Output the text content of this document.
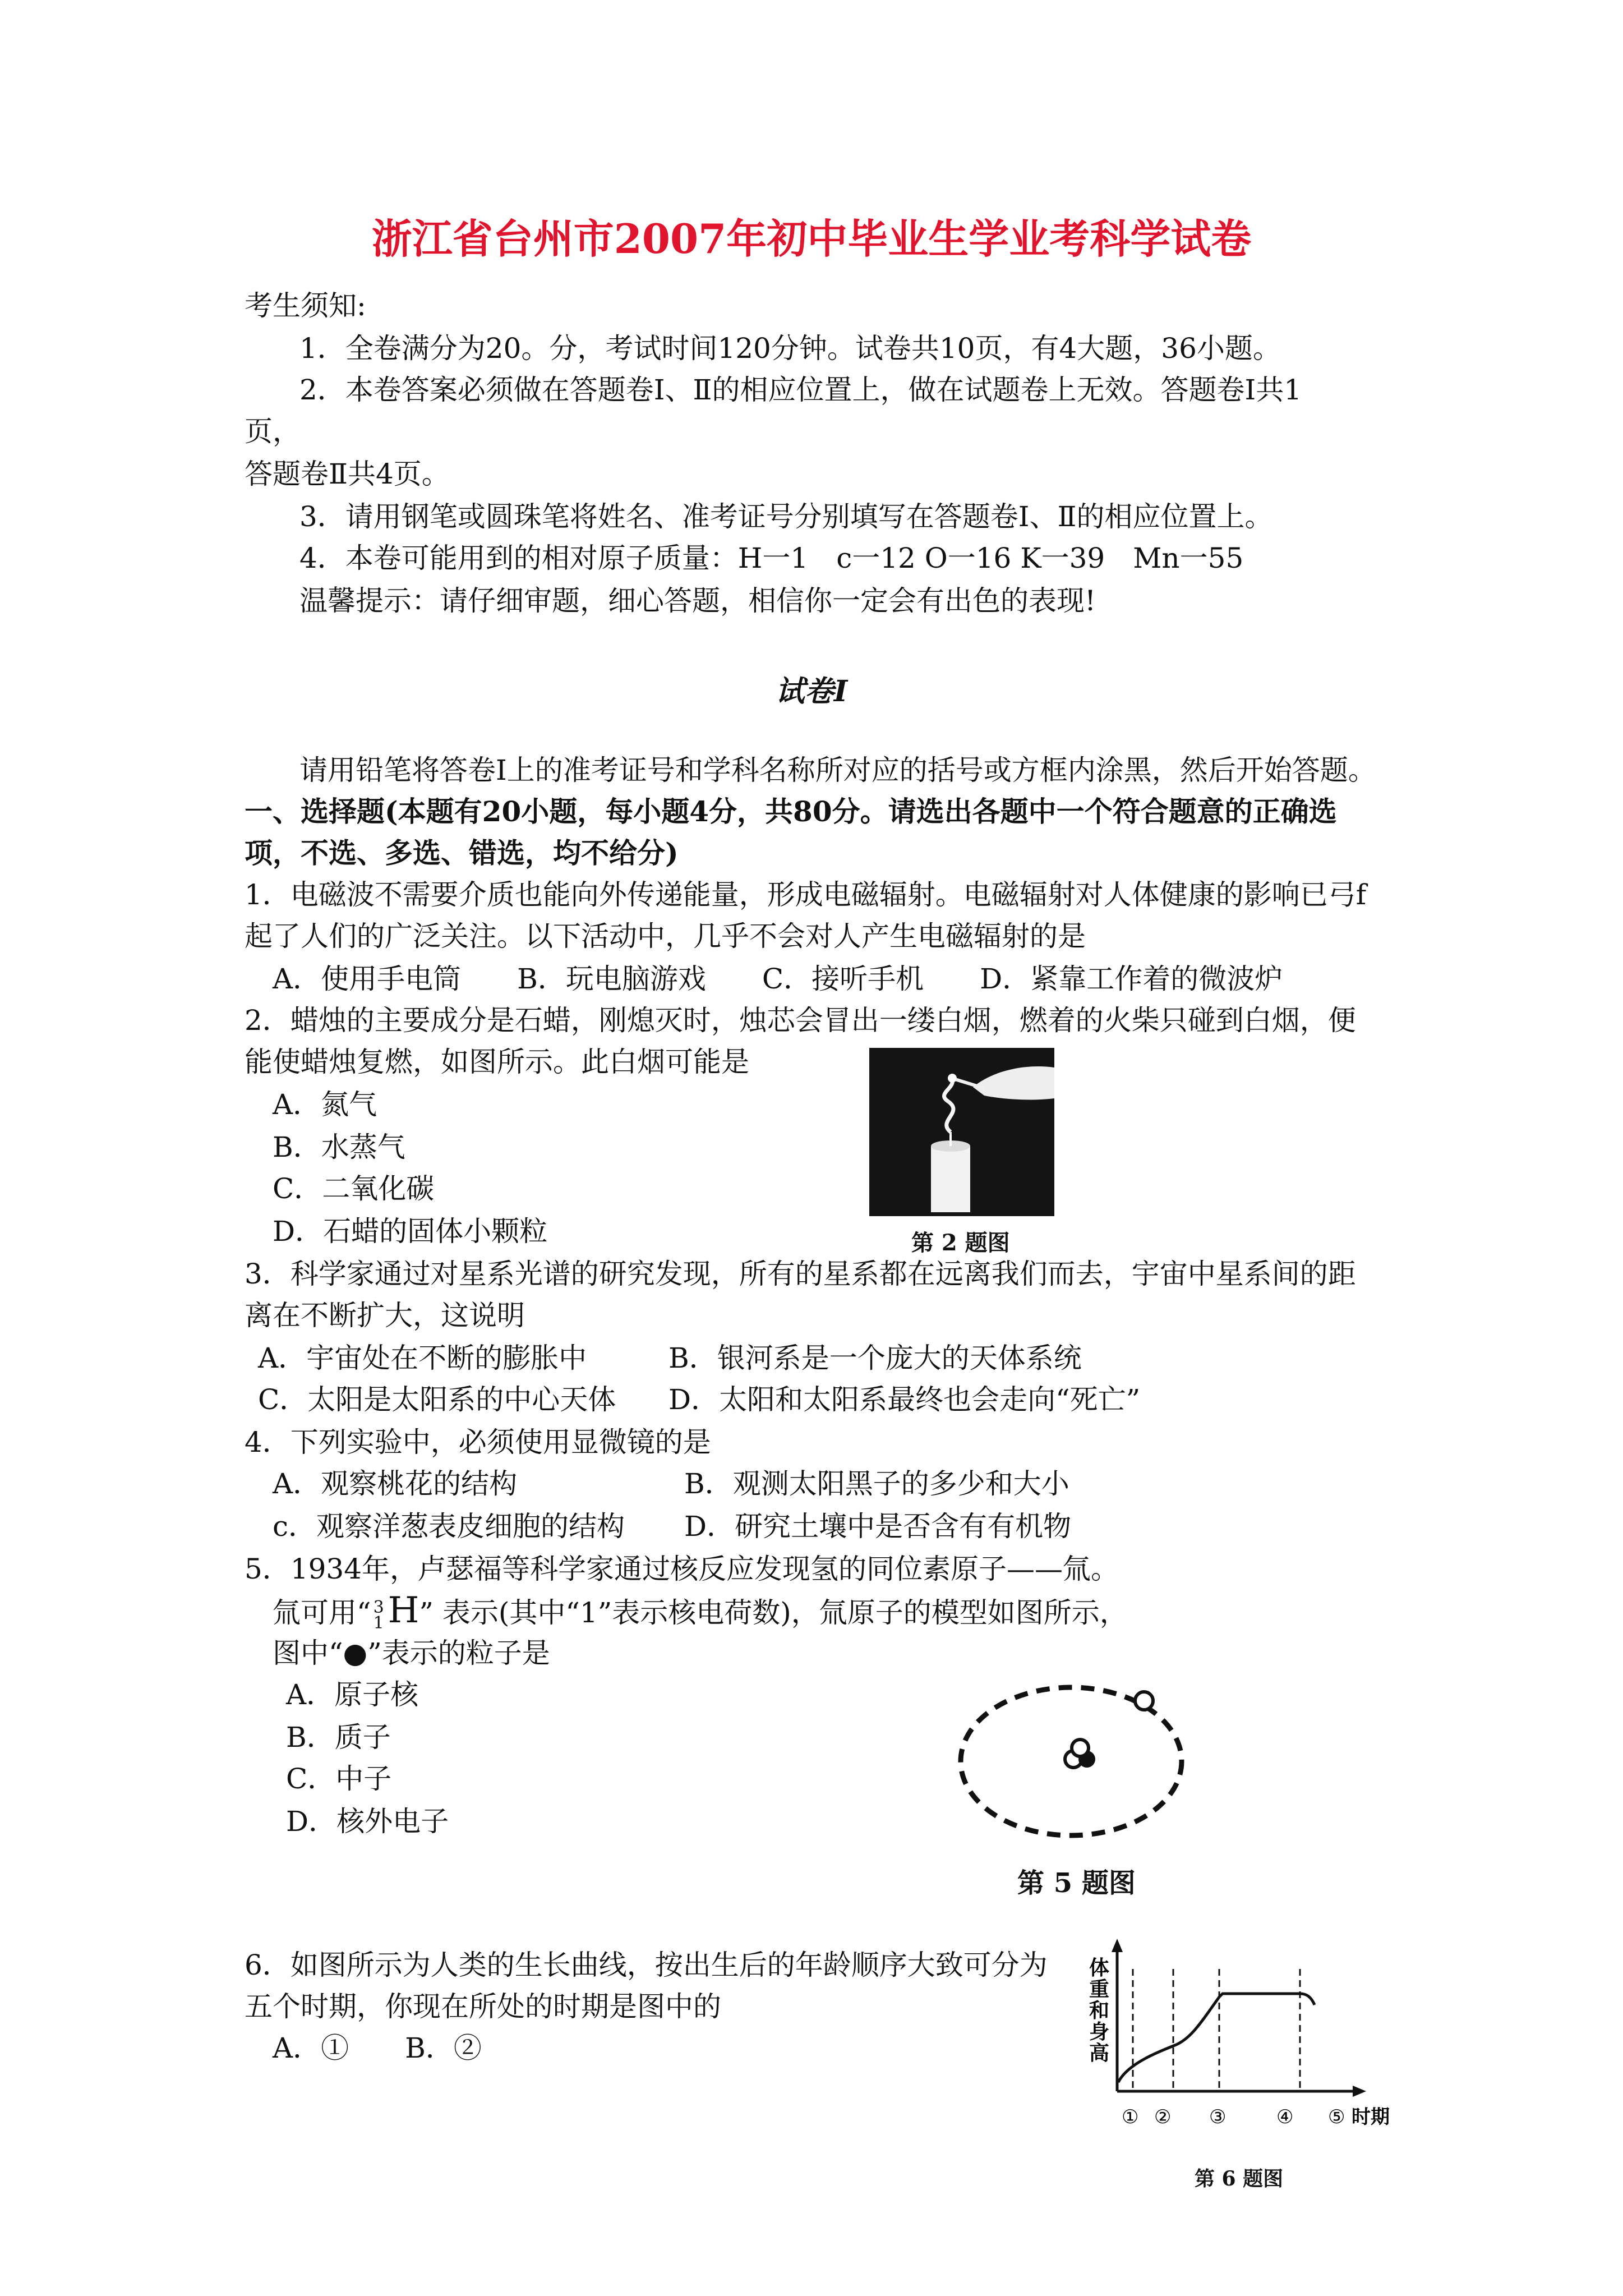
浙江省台州市2007年初中毕业生学业考科学试卷
考生须知:
1．全卷满分为20。分，考试时间120分钟。试卷共10页，有4大题，36小题。
2．本卷答案必须做在答题卷Ⅰ、Ⅱ的相应位置上，做在试题卷上无效。答题卷Ⅰ共1
页，
答题卷Ⅱ共4页。
3．请用钢笔或圆珠笔将姓名、准考证号分别填写在答题卷Ⅰ、Ⅱ的相应位置上。
4．本卷可能用到的相对原子质量：H一1　c一12 O一16 K一39　Mn一55
温馨提示：请仔细审题，细心答题，相信你一定会有出色的表现!
试卷I
请用铅笔将答卷Ⅰ上的准考证号和学科名称所对应的括号或方框内涂黑，然后开始答题。
一、选择题(本题有20小题，每小题4分，共80分。请选出各题中一个符合题意的正确选
项，不选、多选、错选，均不给分)
1．电磁波不需要介质也能向外传递能量，形成电磁辐射。电磁辐射对人体健康的影响已弓f
起了人们的广泛关注。以下活动中，几乎不会对人产生电磁辐射的是
A．使用手电筒　　B．玩电脑游戏　　C．接听手机　　D．紧靠工作着的微波炉
2．蜡烛的主要成分是石蜡，刚熄灭时，烛芯会冒出一缕白烟，燃着的火柴只碰到白烟，便
能使蜡烛复燃，如图所示。此白烟可能是
A．氮气
B．水蒸气
C．二氧化碳
D．石蜡的固体小颗粒	第 2 题图
3．科学家通过对星系光谱的研究发现，所有的星系都在远离我们而去，宇宙中星系间的距
离在不断扩大，这说明
A．宇宙处在不断的膨胀中	B．银河系是一个庞大的天体系统
C．太阳是太阳系的中心天体 D．太阳和太阳系最终也会走向“死亡”
4．下列实验中，必须使用显微镜的是
A．观察桃花的结构	B．观测太阳黑子的多少和大小
c．观察洋葱表皮细胞的结构 D．研究土壤中是否含有有机物
5．1934年，卢瑟福等科学家通过核反应发现氢的同位素原子——氚。
氚可用“ 3
1 H” 表示(其中“1”表示核电荷数)，氚原子的模型如图所示，
图中“●”表示的粒子是
A．原子核
B．质子
C．中子
D．核外电子
第 5 题图
6．如图所示为人类的生长曲线，按出生后的年龄顺序大致可分为
五个时期，你现在所处的时期是图中的
A．①　　B．②
体
重
和
身
高
① ② ③	④ ⑤ 时期
第 6 题图
